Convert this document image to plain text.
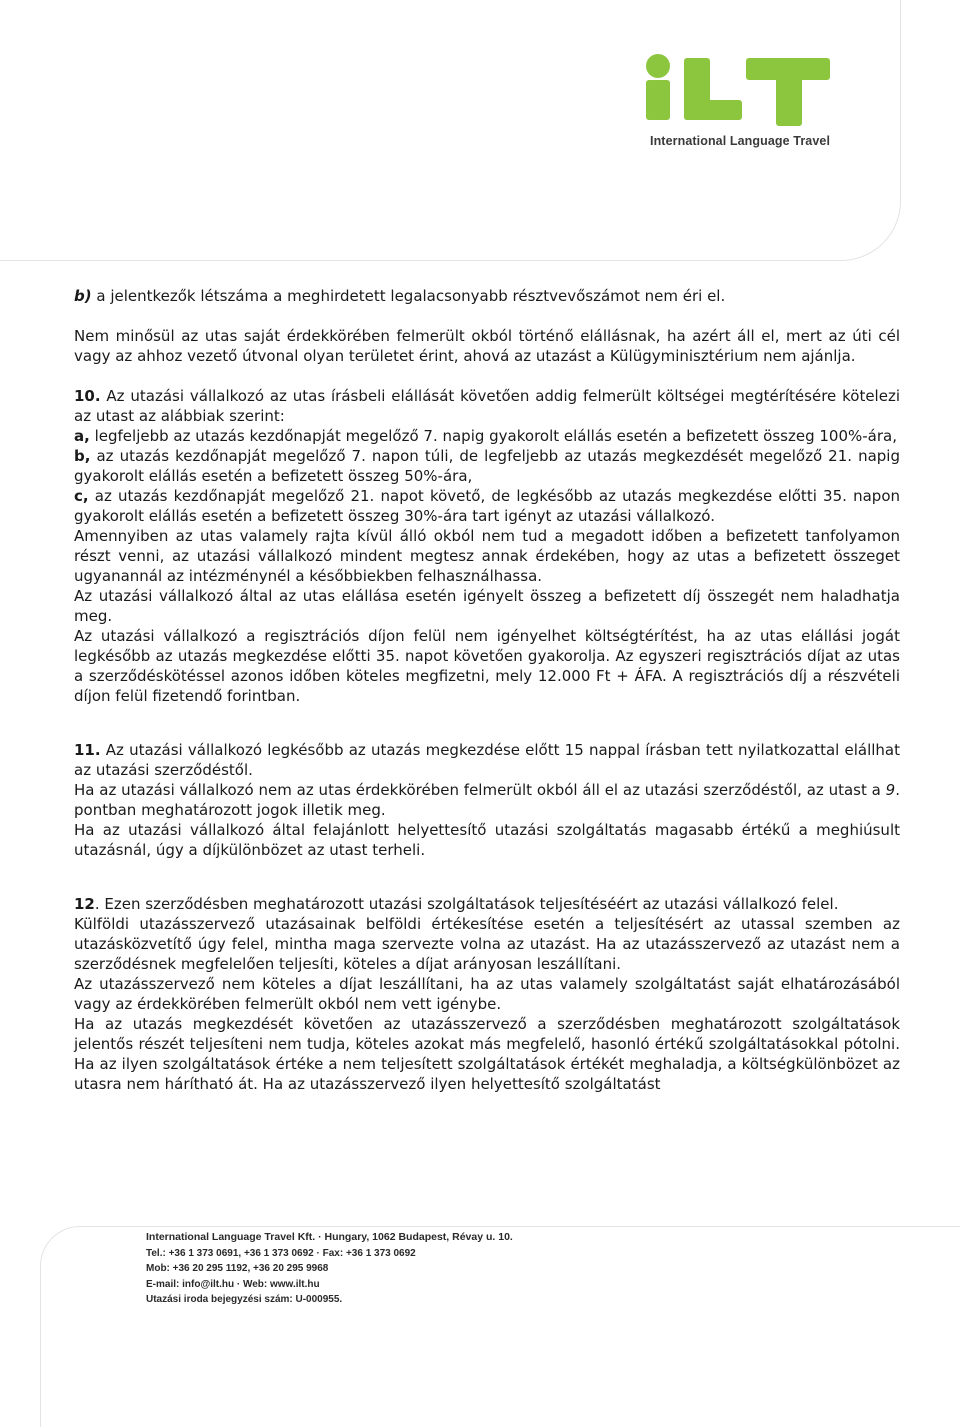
International Language Travel

b) a jelentkezők létszáma a meghirdetett legalacsonyabb résztvevőszámot nem éri el.

Nem minősül az utas saját érdekkörében felmerült okból történő elállásnak, ha azért áll el, mert az úti cél vagy az ahhoz vezető útvonal olyan területet érint, ahová az utazást a Külügyminisztérium nem ajánlja.

10. Az utazási vállalkozó az utas írásbeli elállását követően addig felmerült költségei megtérítésére kötelezi az utast az alábbiak szerint:

a, legfeljebb az utazás kezdőnapját megelőző 7. napig gyakorolt elállás esetén a befizetett összeg 100%-ára,

b, az utazás kezdőnapját megelőző 7. napon túli, de legfeljebb az utazás megkezdését megelőző 21. napig gyakorolt elállás esetén a befizetett összeg 50%-ára,

c, az utazás kezdőnapját megelőző 21. napot követő, de legkésőbb az utazás megkezdése előtti 35. napon gyakorolt elállás esetén a befizetett összeg 30%-ára tart igényt az utazási vállalkozó.

Amennyiben az utas valamely rajta kívül álló okból nem tud a megadott időben a befizetett tanfolyamon részt venni, az utazási vállalkozó mindent megtesz annak érdekében, hogy az utas a befizetett összeget ugyanannál az intézménynél a későbbiekben felhasználhassa.

Az utazási vállalkozó által az utas elállása esetén igényelt összeg a befizetett díj összegét nem haladhatja meg.

Az utazási vállalkozó a regisztrációs díjon felül nem igényelhet költségtérítést, ha az utas elállási jogát legkésőbb az utazás megkezdése előtti 35. napot követően gyakorolja. Az egyszeri regisztrációs díjat az utas a szerződéskötéssel azonos időben köteles megfizetni, mely 12.000 Ft + ÁFA. A regisztrációs díj a részvételi díjon felül fizetendő forintban.

11. Az utazási vállalkozó legkésőbb az utazás megkezdése előtt 15 nappal írásban tett nyilatkozattal elállhat az utazási szerződéstől.

Ha az utazási vállalkozó nem az utas érdekkörében felmerült okból áll el az utazási szerződéstől, az utast a 9. pontban meghatározott jogok illetik meg.

Ha az utazási vállalkozó által felajánlott helyettesítő utazási szolgáltatás magasabb értékű a meghiúsult utazásnál, úgy a díjkülönbözet az utast terheli.

12. Ezen szerződésben meghatározott utazási szolgáltatások teljesítéséért az utazási vállalkozó felel.

Külföldi utazásszervező utazásainak belföldi értékesítése esetén a teljesítésért az utassal szemben az utazásközvetítő úgy felel, mintha maga szervezte volna az utazást. Ha az utazásszervező az utazást nem a szerződésnek megfelelően teljesíti, köteles a díjat arányosan leszállítani.

Az utazásszervező nem köteles a díjat leszállítani, ha az utas valamely szolgáltatást saját elhatározásából vagy az érdekkörében felmerült okból nem vett igénybe.

Ha az utazás megkezdését követően az utazásszervező a szerződésben meghatározott szolgáltatások jelentős részét teljesíteni nem tudja, köteles azokat más megfelelő, hasonló értékű szolgáltatásokkal pótolni. Ha az ilyen szolgáltatások értéke a nem teljesített szolgáltatások értékét meghaladja, a költségkülönbözet az utasra nem hárítható át. Ha az utazásszervező ilyen helyettesítő szolgáltatást

International Language Travel Kft. · Hungary, 1062 Budapest, Révay u. 10.
Tel.: +36 1 373 0691, +36 1 373 0692 · Fax: +36 1 373 0692
Mob: +36 20 295 1192, +36 20 295 9968
E-mail: info@ilt.hu · Web: www.ilt.hu
Utazási iroda bejegyzési szám: U-000955.
